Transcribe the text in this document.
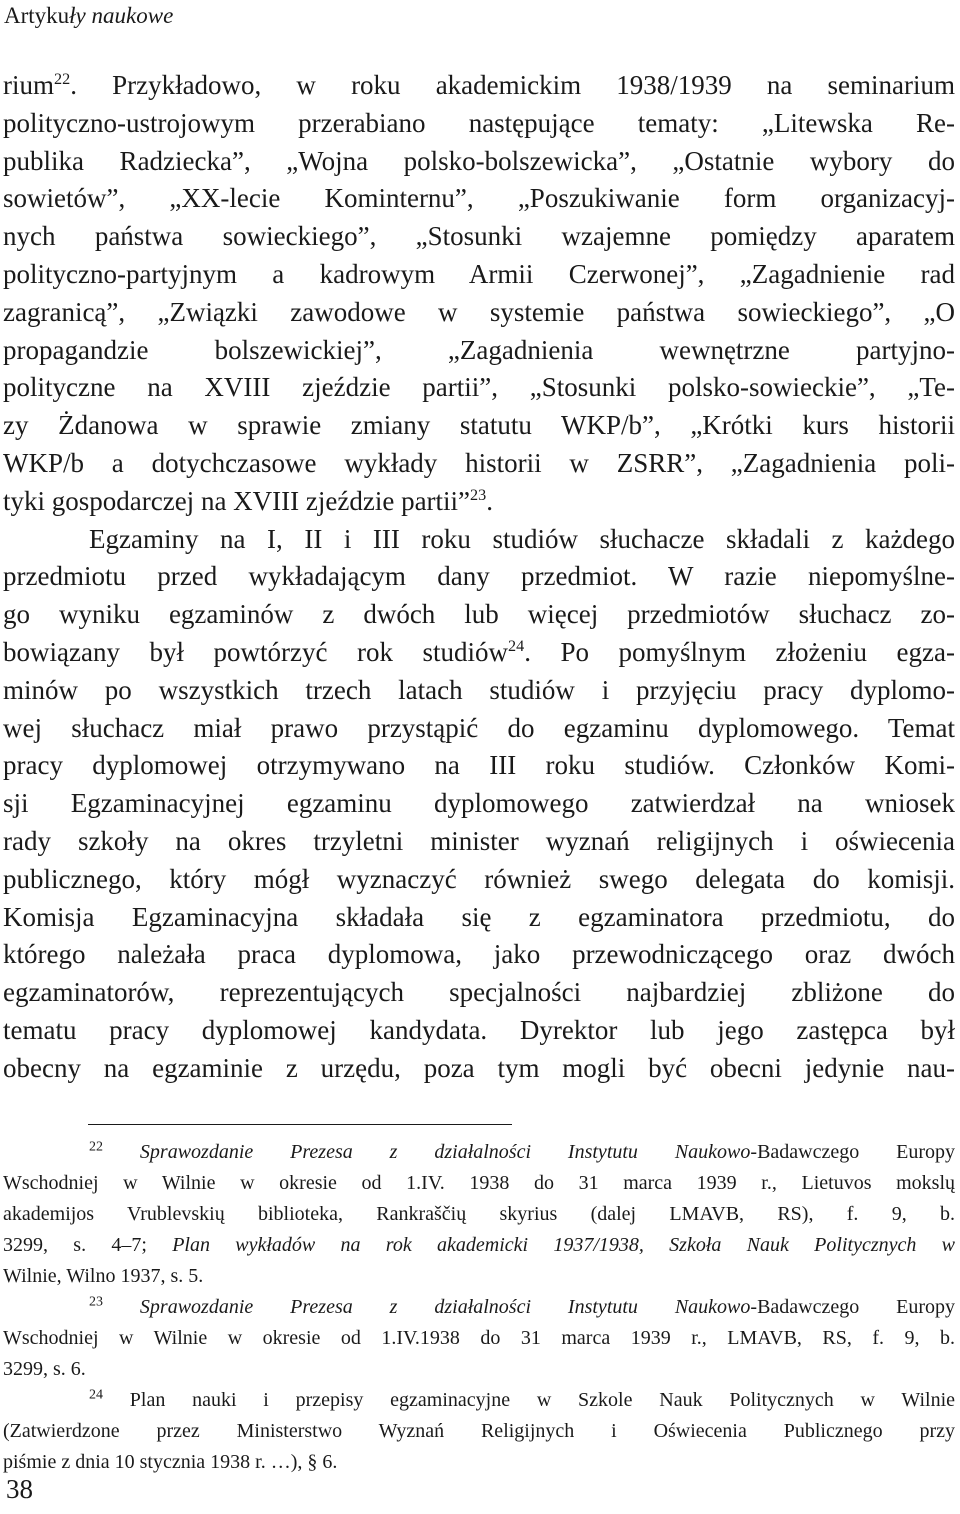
Artykuły naukowe
rium$^{22}$. Przykładowo, w roku akademickim 1938/1939 na seminarium
polityczno-ustrojowym przerabiano następujące tematy: „Litewska Re-
publika Radziecka”, „Wojna polsko-bolszewicka”, „Ostatnie wybory do
sowietów”, „XX-lecie Kominternu”, „Poszukiwanie form organizacyj-
nych państwa sowieckiego”, „Stosunki wzajemne pomiędzy aparatem
polityczno-partyjnym a kadrowym Armii Czerwonej”, „Zagadnienie rad
zagranicą”, „Związki zawodowe w systemie państwa sowieckiego”, „O
propagandzie bolszewickiej”, „Zagadnienia wewnętrzne partyjno-
polityczne na XVIII zjeździe partii”, „Stosunki polsko-sowieckie”, „Te-
zy Żdanowa w sprawie zmiany statutu WKP/b”, „Krótki kurs historii
WKP/b a dotychczasowe wykłady historii w ZSRR”, „Zagadnienia poli-
tyki gospodarczej na XVIII zjeździe partii”$^{23}$.
Egzaminy na I, II i III roku studiów słuchacze składali z każdego
przedmiotu przed wykładającym dany przedmiot. W razie niepomyślne-
go wyniku egzaminów z dwóch lub więcej przedmiotów słuchacz zo-
bowiązany był powtórzyć rok studiów$^{24}$. Po pomyślnym złożeniu egza-
minów po wszystkich trzech latach studiów i przyjęciu pracy dyplomo-
wej słuchacz miał prawo przystąpić do egzaminu dyplomowego. Temat
pracy dyplomowej otrzymywano na III roku studiów. Członków Komi-
sji Egzaminacyjnej egzaminu dyplomowego zatwierdzał na wniosek
rady szkoły na okres trzyletni minister wyznań religijnych i oświecenia
publicznego, który mógł wyznaczyć również swego delegata do komisji.
Komisja Egzaminacyjna składała się z egzaminatora przedmiotu, do
którego należała praca dyplomowa, jako przewodniczącego oraz dwóch
egzaminatorów, reprezentujących specjalności najbardziej zbliżone do
tematu pracy dyplomowej kandydata. Dyrektor lub jego zastępca był
obecny na egzaminie z urzędu, poza tym mogli być obecni jedynie nau-
$^{22}$ Sprawozdanie Prezesa z działalności Instytutu Naukowo-Badawczego Europy
Wschodniej w Wilnie w okresie od 1.IV. 1938 do 31 marca 1939 r., Lietuvos mokslų
akademijos Vrublevskių biblioteka, Rankraščių skyrius (dalej LMAVB, RS), f. 9, b.
3299, s. 4–7; Plan wykładów na rok akademicki 1937/1938, Szkoła Nauk Politycznych w
Wilnie, Wilno 1937, s. 5.
$^{23}$ Sprawozdanie Prezesa z działalności Instytutu Naukowo-Badawczego Europy
Wschodniej w Wilnie w okresie od 1.IV.1938 do 31 marca 1939 r., LMAVB, RS, f. 9, b.
3299, s. 6.
$^{24}$ Plan nauki i przepisy egzaminacyjne w Szkole Nauk Politycznych w Wilnie
(Zatwierdzone przez Ministerstwo Wyznań Religijnych i Oświecenia Publicznego przy
piśmie z dnia 10 stycznia 1938 r. …), § 6.
38
